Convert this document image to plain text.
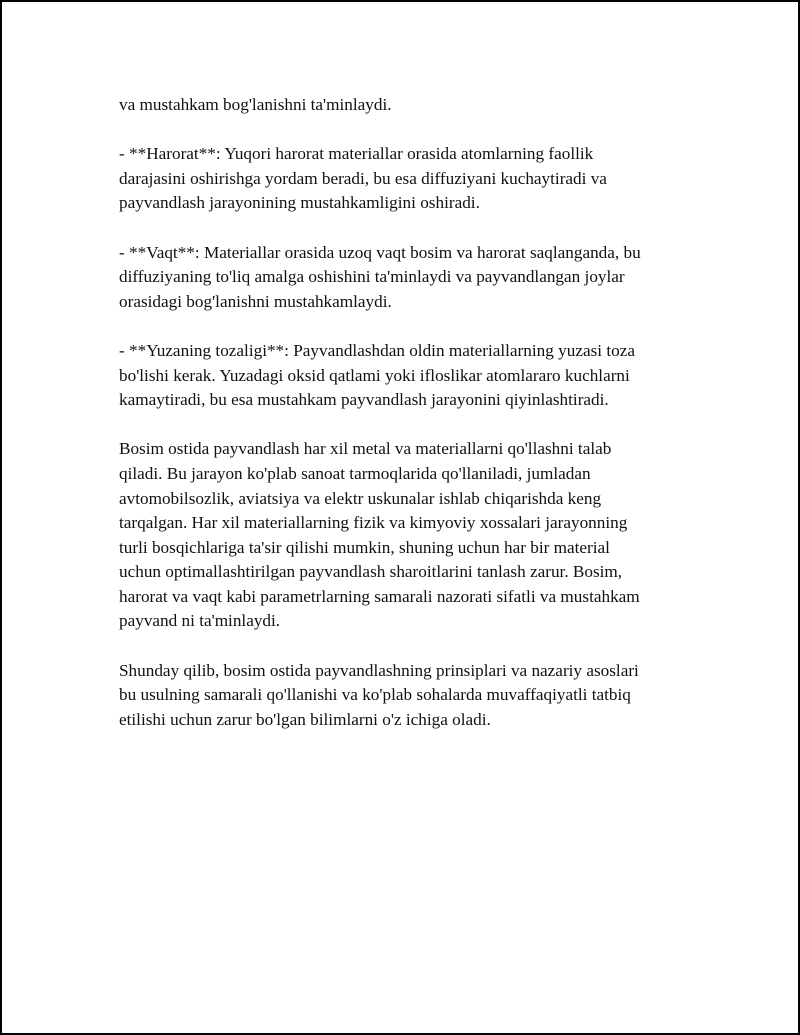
va mustahkam bog'lanishni ta'minlaydi.

- **Harorat**: Yuqori harorat materiallar orasida atomlarning faollik
darajasini oshirishga yordam beradi, bu esa diffuziyani kuchaytiradi va
payvandlash jarayonining mustahkamligini oshiradi.

- **Vaqt**: Materiallar orasida uzoq vaqt bosim va harorat saqlanganda, bu
diffuziyaning to'liq amalga oshishini ta'minlaydi va payvandlangan joylar
orasidagi bog'lanishni mustahkamlaydi.

- **Yuzaning tozaligi**: Payvandlashdan oldin materiallarning yuzasi toza
bo'lishi kerak. Yuzadagi oksid qatlami yoki ifloslikar atomlararo kuchlarni
kamaytiradi, bu esa mustahkam payvandlash jarayonini qiyinlashtiradi.

Bosim ostida payvandlash har xil metal va materiallarni qo'llashni talab
qiladi. Bu jarayon ko'plab sanoat tarmoqlarida qo'llaniladi, jumladan
avtomobilsozlik, aviatsiya va elektr uskunalar ishlab chiqarishda keng
tarqalgan. Har xil materiallarning fizik va kimyoviy xossalari jarayonning
turli bosqichlariga ta'sir qilishi mumkin, shuning uchun har bir material
uchun optimallashtirilgan payvandlash sharoitlarini tanlash zarur. Bosim,
harorat va vaqt kabi parametrlarning samarali nazorati sifatli va mustahkam
payvand ni ta'minlaydi.

Shunday qilib, bosim ostida payvandlashning prinsiplari va nazariy asoslari
bu usulning samarali qo'llanishi va ko'plab sohalarda muvaffaqiyatli tatbiq
etilishi uchun zarur bo'lgan bilimlarni o'z ichiga oladi.
